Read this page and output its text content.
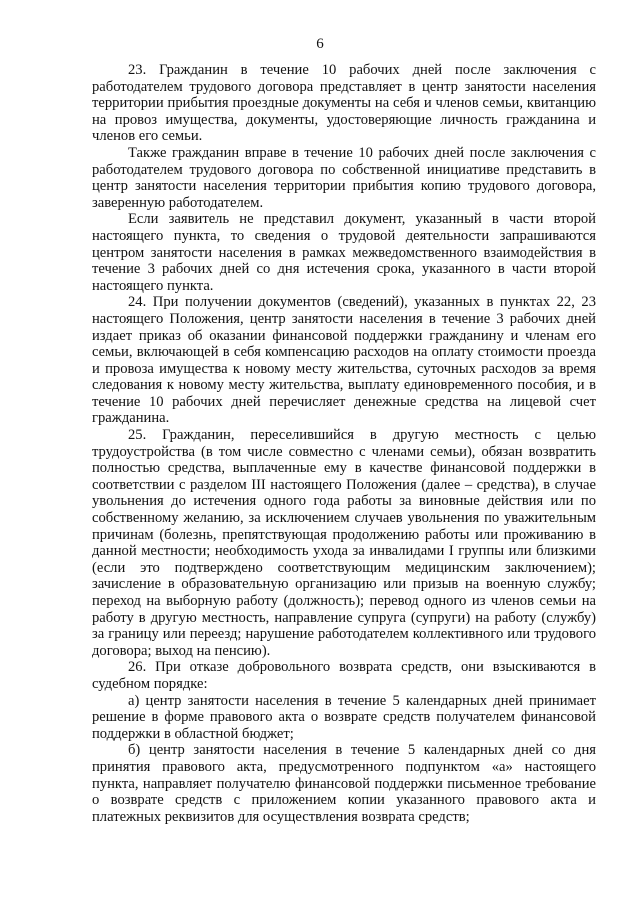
6

23. Гражданин в течение 10 рабочих дней после заключения с работодателем трудового договора представляет в центр занятости населения территории прибытия проездные документы на себя и членов семьи, квитанцию на провоз имущества, документы, удостоверяющие личность гражданина и членов его семьи.

Также гражданин вправе в течение 10 рабочих дней после заключения с работодателем трудового договора по собственной инициативе представить в центр занятости населения территории прибытия копию трудового договора, заверенную работодателем.

Если заявитель не представил документ, указанный в части второй настоящего пункта, то сведения о трудовой деятельности запрашиваются центром занятости населения в рамках межведомственного взаимодействия в течение 3 рабочих дней со дня истечения срока, указанного в части второй настоящего пункта.

24. При получении документов (сведений), указанных в пунктах 22, 23 настоящего Положения, центр занятости населения в течение 3 рабочих дней издает приказ об оказании финансовой поддержки гражданину и членам его семьи, включающей в себя компенсацию расходов на оплату стоимости проезда и провоза имущества к новому месту жительства, суточных расходов за время следования к новому месту жительства, выплату единовременного пособия, и в течение 10 рабочих дней перечисляет денежные средства на лицевой счет гражданина.

25. Гражданин, переселившийся в другую местность с целью трудоустройства (в том числе совместно с членами семьи), обязан возвратить полностью средства, выплаченные ему в качестве финансовой поддержки в соответствии с разделом III настоящего Положения (далее – средства), в случае увольнения до истечения одного года работы за виновные действия или по собственному желанию, за исключением случаев увольнения по уважительным причинам (болезнь, препятствующая продолжению работы или проживанию в данной местности; необходимость ухода за инвалидами I группы или близкими (если это подтверждено соответствующим медицинским заключением); зачисление в образовательную организацию или призыв на военную службу; переход на выборную работу (должность); перевод одного из членов семьи на работу в другую местность, направление супруга (супруги) на работу (службу) за границу или переезд; нарушение работодателем коллективного или трудового договора; выход на пенсию).

26. При отказе добровольного возврата средств, они взыскиваются в судебном порядке:

а) центр занятости населения в течение 5 календарных дней принимает решение в форме правового акта о возврате средств получателем финансовой поддержки в областной бюджет;

б) центр занятости населения в течение 5 календарных дней со дня принятия правового акта, предусмотренного подпунктом «а» настоящего пункта, направляет получателю финансовой поддержки письменное требование о возврате средств с приложением копии указанного правового акта и платежных реквизитов для осуществления возврата средств;
